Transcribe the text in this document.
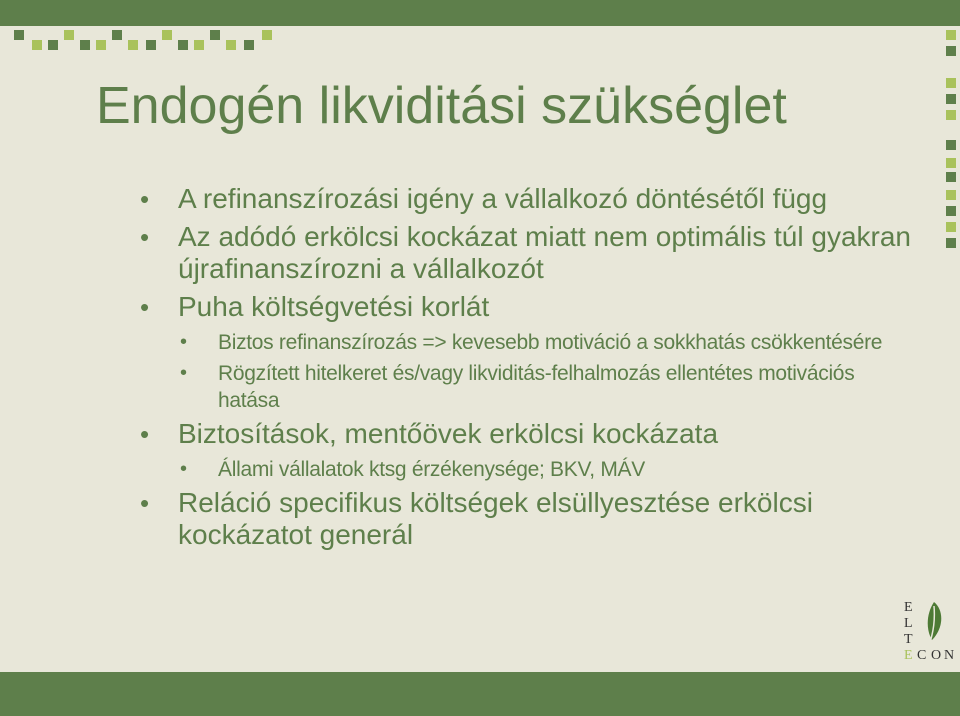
Endogén likviditási szükséglet
• A refinanszírozási igény a vállalkozó döntésétől függ
• Az adódó erkölcsi kockázat miatt nem optimális túl gyakran újrafinanszírozni a vállalkozót
• Puha költségvetési korlát
• Biztos refinanszírozás => kevesebb motiváció a sokkhatás csökkentésére
• Rögzített hitelkeret és/vagy likviditás-felhalmozás ellentétes motivációs hatása
• Biztosítások, mentőövek erkölcsi kockázata
• Állami vállalatok ktsg érzékenysége; BKV, MÁV
• Reláció specifikus költségek elsüllyesztése erkölcsi kockázatot generál
E
L
T
E C O N
